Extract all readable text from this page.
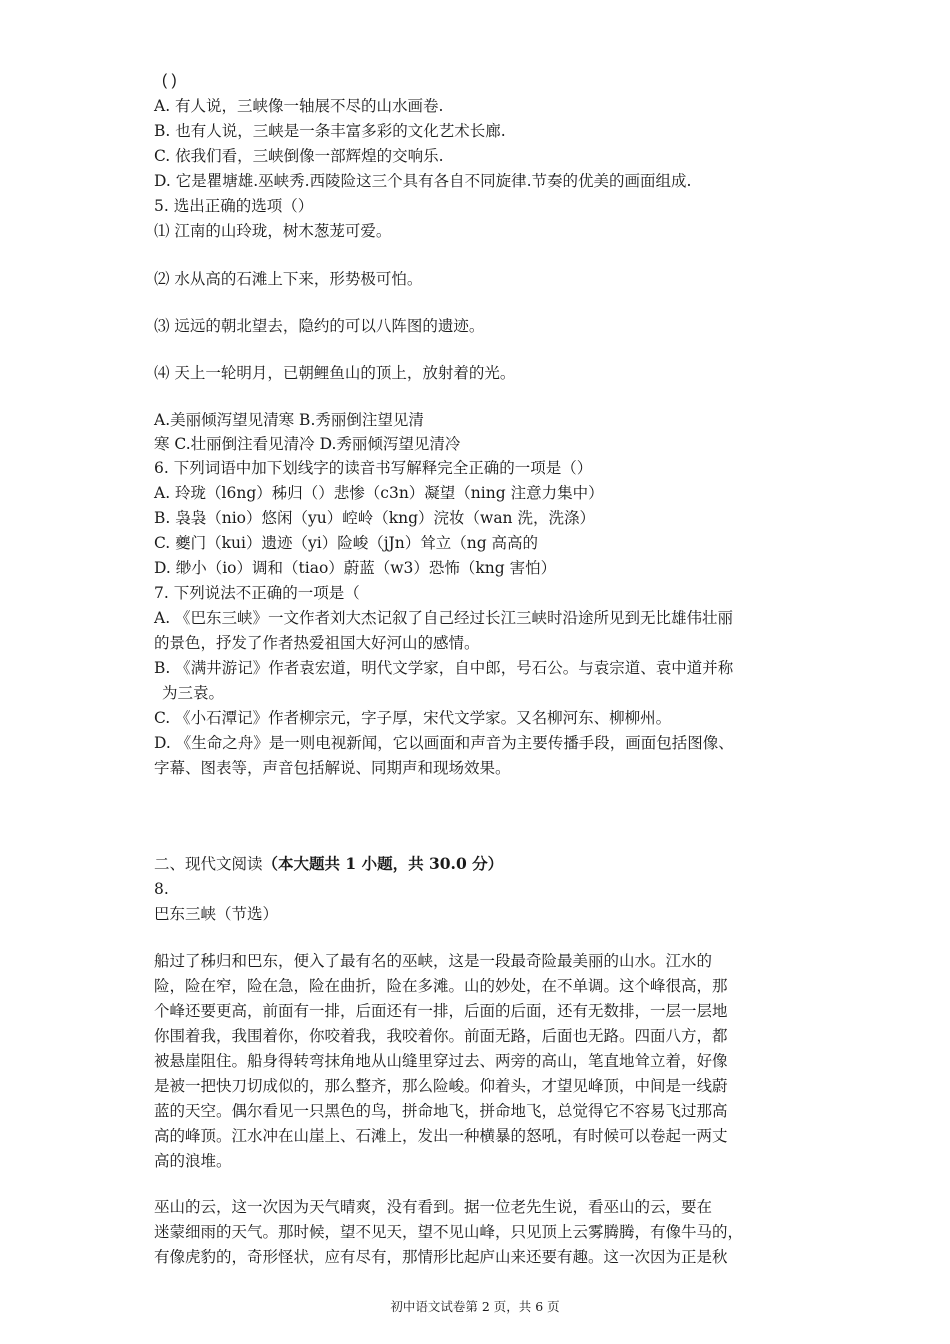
( )
A. 有人说，三峡像一轴展不尽的山水画卷.
B. 也有人说，三峡是一条丰富多彩的文化艺术长廊.
C. 依我们看，三峡倒像一部辉煌的交响乐.
D. 它是瞿塘雄.巫峡秀.西陵险这三个具有各自不同旋律.节奏的优美的画面组成.
5. 选出正确的选项（）
⑴ 江南的山玲珑，树木葱茏可爱。
⑵ 水从高的石滩上下来，形势极可怕。
⑶ 远远的朝北望去，隐约的可以八阵图的遗迹。
⑷ 天上一轮明月，已朝鲤鱼山的顶上，放射着的光。
A.美丽倾泻望见清寒 B.秀丽倒注望见清
寒 C.壮丽倒注看见清冷 D.秀丽倾泻望见清冷
6. 下列词语中加下划线字的读音书写解释完全正确的一项是（）
A. 玲珑（l6ng）秭归（）悲惨（c3n）凝望（ning 注意力集中）
B. 袅袅（nio）悠闲（yu）崆岭（kng）浣妆（wan 洗，洗涤）
C. 夔门（kui）遗迹（yi）险峻（jJn）耸立（ng 高高的
D. 缈小（io）调和（tiao）蔚蓝（w3）恐怖（kng 害怕）
7. 下列说法不正确的一项是（
A. 《巴东三峡》一文作者刘大杰记叙了自己经过长江三峡时沿途所见到无比雄伟壮丽
的景色，抒发了作者热爱祖国大好河山的感情。
B. 《满井游记》作者袁宏道，明代文学家，自中郎，号石公。与袁宗道、袁中道并称
为三袁。
C. 《小石潭记》作者柳宗元，字子厚，宋代文学家。又名柳河东、柳柳州。
D. 《生命之舟》是一则电视新闻，它以画面和声音为主要传播手段，画面包括图像、
字幕、图表等，声音包括解说、同期声和现场效果。
二、现代文阅读（本大题共 1 小题，共 30.0 分）
8.
巴东三峡（节选）
船过了秭归和巴东，便入了最有名的巫峡，这是一段最奇险最美丽的山水。江水的
险，险在窄，险在急，险在曲折，险在多滩。山的妙处，在不单调。这个峰很高，那
个峰还要更高，前面有一排，后面还有一排，后面的后面，还有无数排，一层一层地
你围着我，我围着你，你咬着我，我咬着你。前面无路，后面也无路。四面八方，都
被悬崖阻住。船身得转弯抹角地从山缝里穿过去、两旁的高山，笔直地耸立着，好像
是被一把快刀切成似的，那么整齐，那么险峻。仰着头，才望见峰顶，中间是一线蔚
蓝的天空。偶尔看见一只黑色的鸟，拼命地飞，拼命地飞，总觉得它不容易飞过那高
高的峰顶。江水冲在山崖上、石滩上，发出一种横暴的怒吼，有时候可以卷起一两丈
高的浪堆。
巫山的云，这一次因为天气晴爽，没有看到。据一位老先生说，看巫山的云，要在
迷蒙细雨的天气。那时候，望不见天，望不见山峰，只见顶上云雾腾腾，有像牛马的，
有像虎豹的，奇形怪状，应有尽有，那情形比起庐山来还要有趣。这一次因为正是秋
初中语文试卷第 2 页，共 6 页
